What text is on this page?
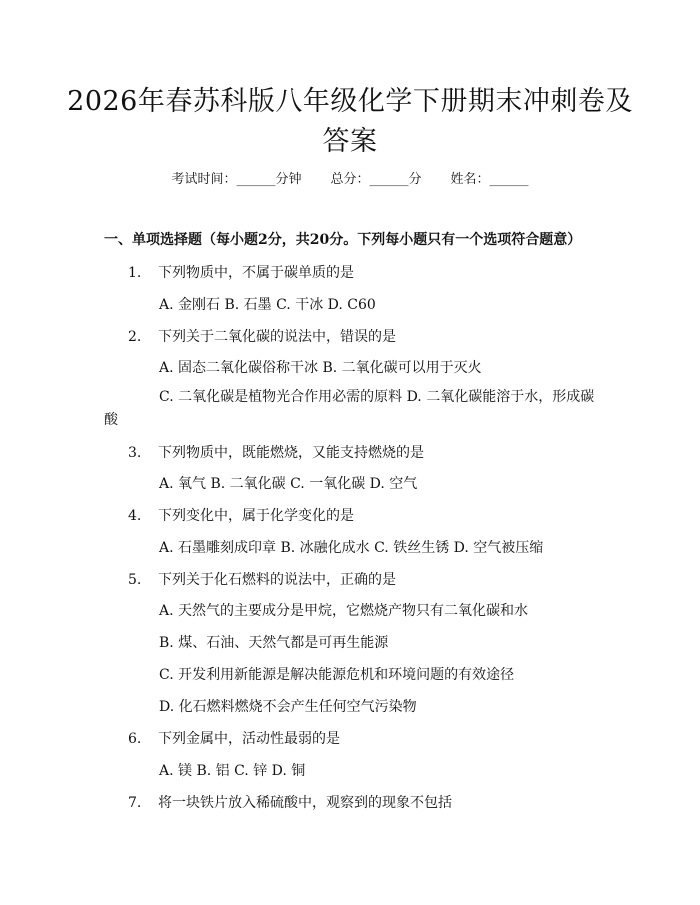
2026年春苏科版八年级化学下册期末冲刺卷及答案
考试时间：______分钟 总分：______分 姓名：______
一、单项选择题（每小题2分，共20分。下列每小题只有一个选项符合题意）
1. 下列物质中，不属于碳单质的是
A. 金刚石 B. 石墨 C. 干冰 D. C60
2. 下列关于二氧化碳的说法中，错误的是
A. 固态二氧化碳俗称干冰 B. 二氧化碳可以用于灭火
C. 二氧化碳是植物光合作用必需的原料 D. 二氧化碳能溶于水，形成碳酸
3. 下列物质中，既能燃烧，又能支持燃烧的是
A. 氧气 B. 二氧化碳 C. 一氧化碳 D. 空气
4. 下列变化中，属于化学变化的是
A. 石墨雕刻成印章 B. 冰融化成水 C. 铁丝生锈 D. 空气被压缩
5. 下列关于化石燃料的说法中，正确的是
A. 天然气的主要成分是甲烷，它燃烧产物只有二氧化碳和水
B. 煤、石油、天然气都是可再生能源
C. 开发利用新能源是解决能源危机和环境问题的有效途径
D. 化石燃料燃烧不会产生任何空气污染物
6. 下列金属中，活动性最弱的是
A. 镁 B. 铝 C. 锌 D. 铜
7. 将一块铁片放入稀硫酸中，观察到的现象不包括
